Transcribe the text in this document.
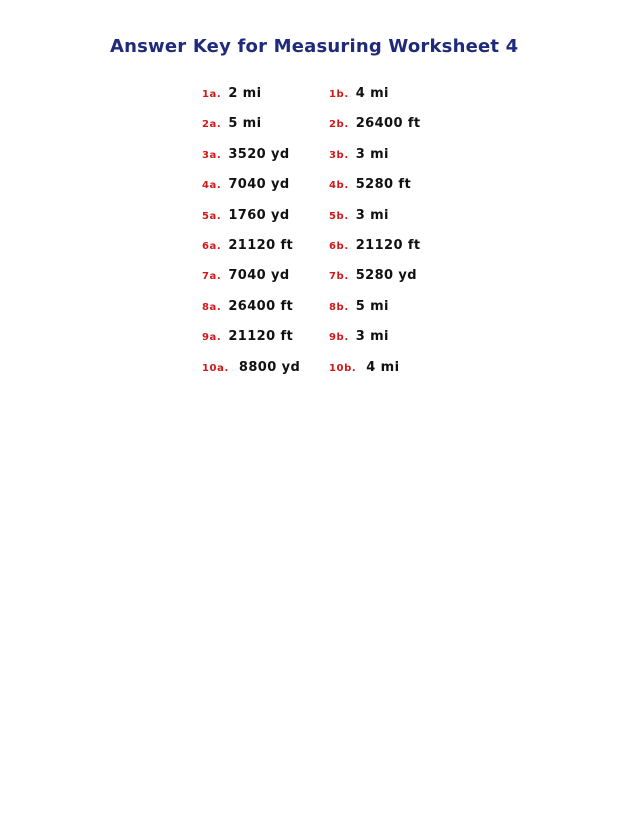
Answer Key for Measuring Worksheet 4
1a. 2 mi	1b. 4 mi
2a. 5 mi	2b. 26400 ft
3a. 3520 yd	3b. 3 mi
4a. 7040 yd	4b. 5280 ft
5a. 1760 yd	5b. 3 mi
6a. 21120 ft	6b. 21120 ft
7a. 7040 yd	7b. 5280 yd
8a. 26400 ft	8b. 5 mi
9a. 21120 ft	9b. 3 mi
10a. 8800 yd	10b. 4 mi
